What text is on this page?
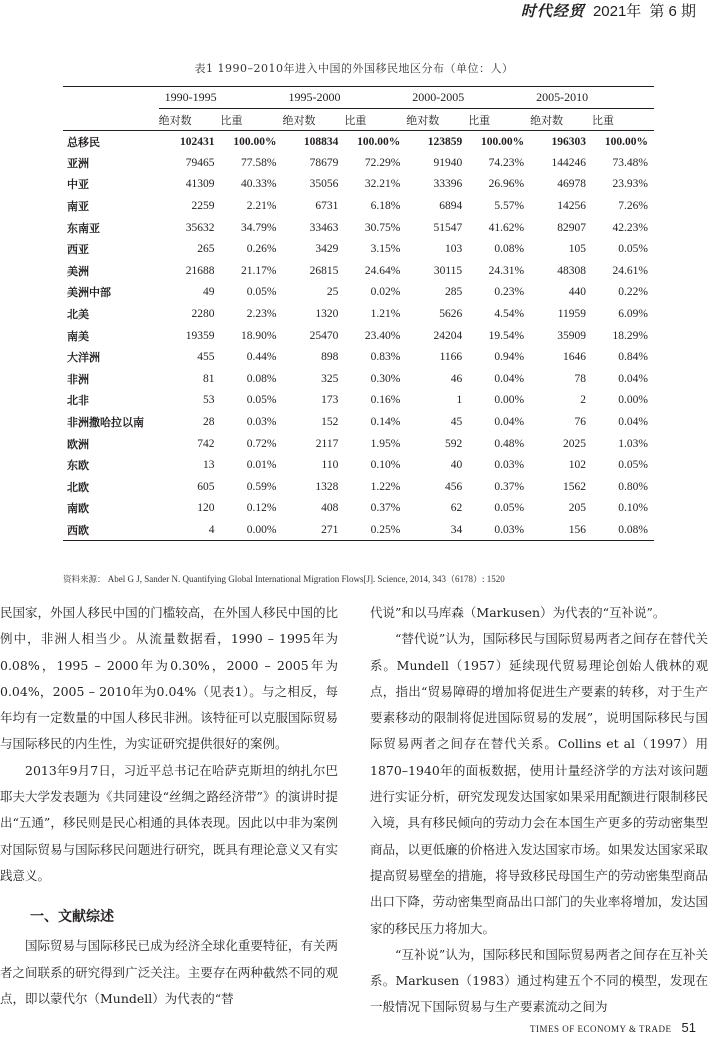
时代经贸 2021年 第 6 期
表1 1990–2010年进入中国的外国移民地区分布（单位：人）
	1990-1995		1995-2000		2000-2005		2005-2010	
	绝对数	比重	绝对数	比重	绝对数	比重	绝对数	比重
总移民	102431	100.00%	108834	100.00%	123859	100.00%	196303	100.00%
亚洲	79465	77.58%	78679	72.29%	91940	74.23%	144246	73.48%
中亚	41309	40.33%	35056	32.21%	33396	26.96%	46978	23.93%
南亚	2259	2.21%	6731	6.18%	6894	5.57%	14256	7.26%
东南亚	35632	34.79%	33463	30.75%	51547	41.62%	82907	42.23%
西亚	265	0.26%	3429	3.15%	103	0.08%	105	0.05%
美洲	21688	21.17%	26815	24.64%	30115	24.31%	48308	24.61%
美洲中部	49	0.05%	25	0.02%	285	0.23%	440	0.22%
北美	2280	2.23%	1320	1.21%	5626	4.54%	11959	6.09%
南美	19359	18.90%	25470	23.40%	24204	19.54%	35909	18.29%
大洋洲	455	0.44%	898	0.83%	1166	0.94%	1646	0.84%
非洲	81	0.08%	325	0.30%	46	0.04%	78	0.04%
北非	53	0.05%	173	0.16%	1	0.00%	2	0.00%
非洲撒哈拉以南	28	0.03%	152	0.14%	45	0.04%	76	0.04%
欧洲	742	0.72%	2117	1.95%	592	0.48%	2025	1.03%
东欧	13	0.01%	110	0.10%	40	0.03%	102	0.05%
北欧	605	0.59%	1328	1.22%	456	0.37%	1562	0.80%
南欧	120	0.12%	408	0.37%	62	0.05%	205	0.10%
西欧	4	0.00%	271	0.25%	34	0.03%	156	0.08%
资料来源： Abel G J, Sander N. Quantifying Global International Migration Flows[J]. Science, 2014, 343（6178）: 1520

民国家，外国人移民中国的门槛较高，在外国人移民中国的比例中，非洲人相当少。从流量数据看，1990 – 1995年为0.08%，1995 – 2000年为0.30%，2000 – 2005年为0.04%，2005 – 2010年为0.04%（见表1）。与之相反，每年均有一定数量的中国人移民非洲。该特征可以克服国际贸易与国际移民的内生性，为实证研究提供很好的案例。

2013年9月7日，习近平总书记在哈萨克斯坦的纳扎尔巴耶夫大学发表题为《共同建设“丝绸之路经济带”》的演讲时提出“五通”，移民则是民心相通的具体表现。因此以中非为案例对国际贸易与国际移民问题进行研究，既具有理论意义又有实践意义。

一、文献综述

国际贸易与国际移民已成为经济全球化重要特征，有关两者之间联系的研究得到广泛关注。主要存在两种截然不同的观点，即以蒙代尔（Mundell）为代表的“替

代说”和以马库森（Markusen）为代表的“互补说”。

“替代说”认为，国际移民与国际贸易两者之间存在替代关系。Mundell（1957）延续现代贸易理论创始人俄林的观点，指出“贸易障碍的增加将促进生产要素的转移，对于生产要素移动的限制将促进国际贸易的发展”，说明国际移民与国际贸易两者之间存在替代关系。Collins et al（1997）用1870–1940年的面板数据，使用计量经济学的方法对该问题进行实证分析，研究发现发达国家如果采用配额进行限制移民入境，具有移民倾向的劳动力会在本国生产更多的劳动密集型商品，以更低廉的价格进入发达国家市场。如果发达国家采取提高贸易壁垒的措施，将导致移民母国生产的劳动密集型商品出口下降，劳动密集型商品出口部门的失业率将增加，发达国家的移民压力将加大。

“互补说”认为，国际移民和国际贸易两者之间存在互补关系。Markusen（1983）通过构建五个不同的模型，发现在一般情况下国际贸易与生产要素流动之间为

TIMES OF ECONOMY & TRADE 51
